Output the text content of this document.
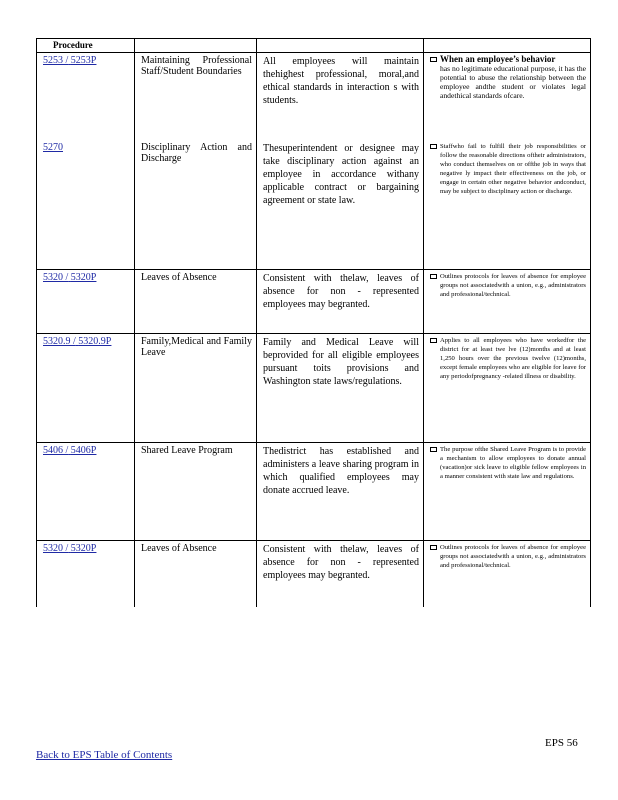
Procedure			

5253 / 5253P	Maintaining Professional Staff/Student Boundaries	All employees will maintain thehighest professional, moral,and ethical standards in interaction s with students.	When an employee’s behavior
has no legitimate educational purpose, it has the potential to abuse the relationship between the employee andthe student or violates legal andethical standards ofcare.

5270	Disciplinary Action and Discharge	Thesuperintendent or designee may take disciplinary action against an employee in accordance withany applicable contract or bargaining agreement or state law.	Staffwho fail to fulfill their job responsibilities or follow the reasonable directions oftheir administrators, who conduct themselves on or offthe job in ways that negative ly impact their effectiveness on the job, or engage in certain other negative behavior andconduct, may be subject to disciplinary action or discharge.

5320 / 5320P	Leaves of Absence	Consistent with thelaw, leaves of absence for non - represented employees may begranted.	Outlines protocols for leaves of absence for employee groups not associatedwith a union, e.g., administrators and professional/technical.

5320.9 / 5320.9P	Family,Medical and Family Leave	Family and Medical Leave will beprovided for all eligible employees pursuant toits provisions and Washington state laws/regulations.	Applies to all employees who have workedfor the district for at least twe lve (12)months and at least 1,250 hours over the previous twelve (12)months, except female employees who are eligible for leave for any periodofpregnancy -related illness or disability.

5406 / 5406P	Shared Leave Program	Thedistrict has established and administers a leave sharing program in which qualified employees may donate accrued leave.	The purpose ofthe Shared Leave Program is to provide a mechanism to allow employees to donate annual (vacation)or sick leave to eligible fellow employees in a manner consistent with state law and regulations.

5320 / 5320P	Leaves of Absence	Consistent with thelaw, leaves of absence for non - represented employees may begranted.	Outlines protocols for leaves of absence for employee groups not associatedwith a union, e.g., administrators and professional/technical.
EPS 56
Back to EPS Table of Contents
